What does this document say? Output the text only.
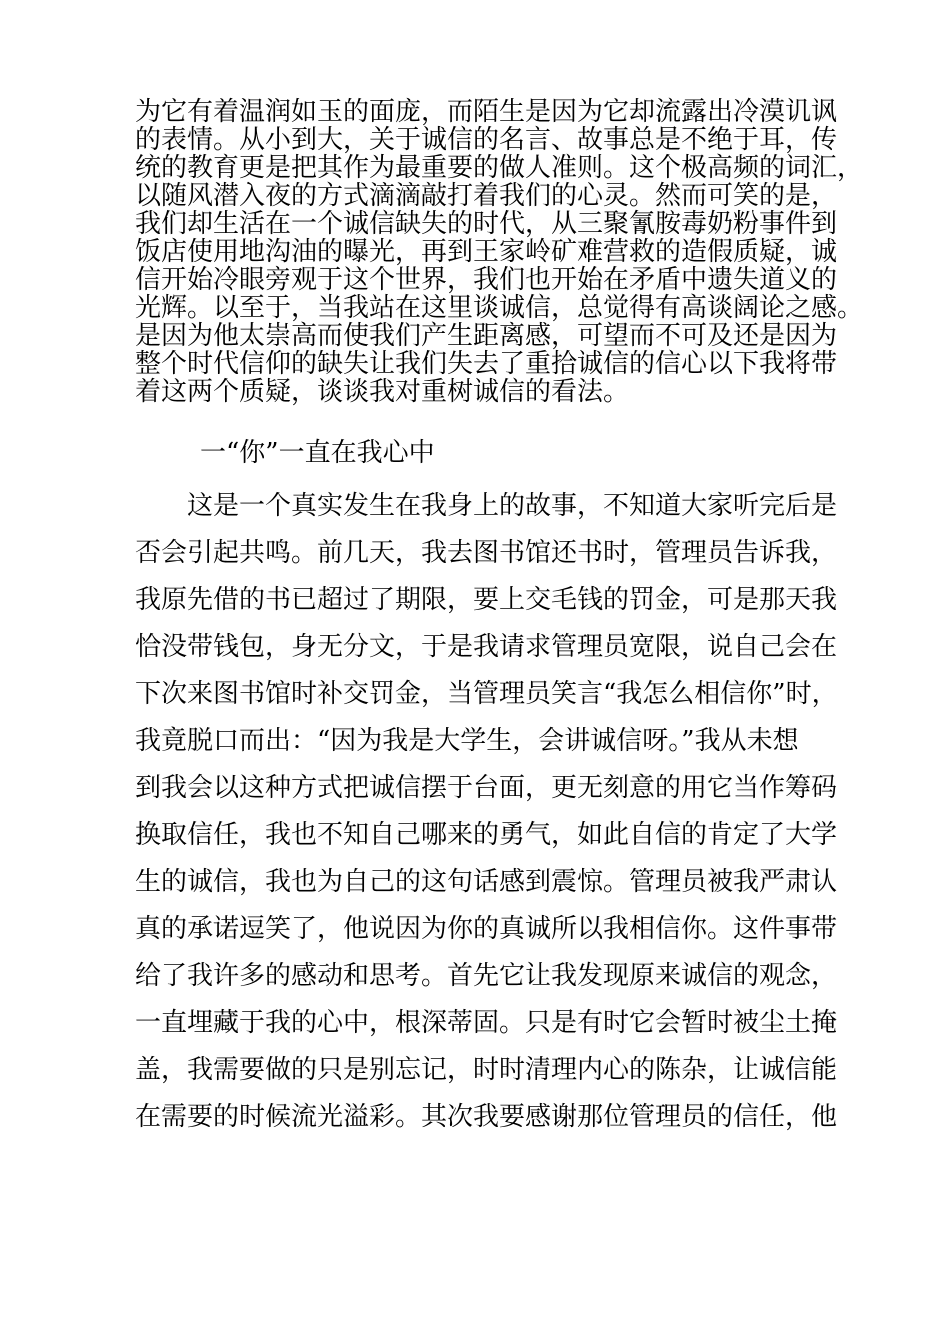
为它有着温润如玉的面庞，而陌生是因为它却流露出冷漠讥讽
的表情。从小到大，关于诚信的名言、故事总是不绝于耳，传
统的教育更是把其作为最重要的做人准则。这个极高频的词汇，
以随风潜入夜的方式滴滴敲打着我们的心灵。然而可笑的是，
我们却生活在一个诚信缺失的时代，从三聚氰胺毒奶粉事件到
饭店使用地沟油的曝光，再到王家岭矿难营救的造假质疑，诚
信开始冷眼旁观于这个世界，我们也开始在矛盾中遗失道义的
光辉。以至于，当我站在这里谈诚信，总觉得有高谈阔论之感。
是因为他太崇高而使我们产生距离感，可望而不可及还是因为
整个时代信仰的缺失让我们失去了重拾诚信的信心以下我将带
着这两个质疑，谈谈我对重树诚信的看法。
一“你”一直在我心中
　　这是一个真实发生在我身上的故事，不知道大家听完后是
否会引起共鸣。前几天，我去图书馆还书时，管理员告诉我，
我原先借的书已超过了期限，要上交毛钱的罚金，可是那天我
恰没带钱包，身无分文，于是我请求管理员宽限，说自己会在
下次来图书馆时补交罚金，当管理员笑言“我怎么相信你”时，
我竟脱口而出：“因为我是大学生，会讲诚信呀。”我从未想
到我会以这种方式把诚信摆于台面，更无刻意的用它当作筹码
换取信任，我也不知自己哪来的勇气，如此自信的肯定了大学
生的诚信，我也为自己的这句话感到震惊。管理员被我严肃认
真的承诺逗笑了，他说因为你的真诚所以我相信你。这件事带
给了我许多的感动和思考。首先它让我发现原来诚信的观念，
一直埋藏于我的心中，根深蒂固。只是有时它会暂时被尘土掩
盖，我需要做的只是别忘记，时时清理内心的陈杂，让诚信能
在需要的时候流光溢彩。其次我要感谢那位管理员的信任，他
